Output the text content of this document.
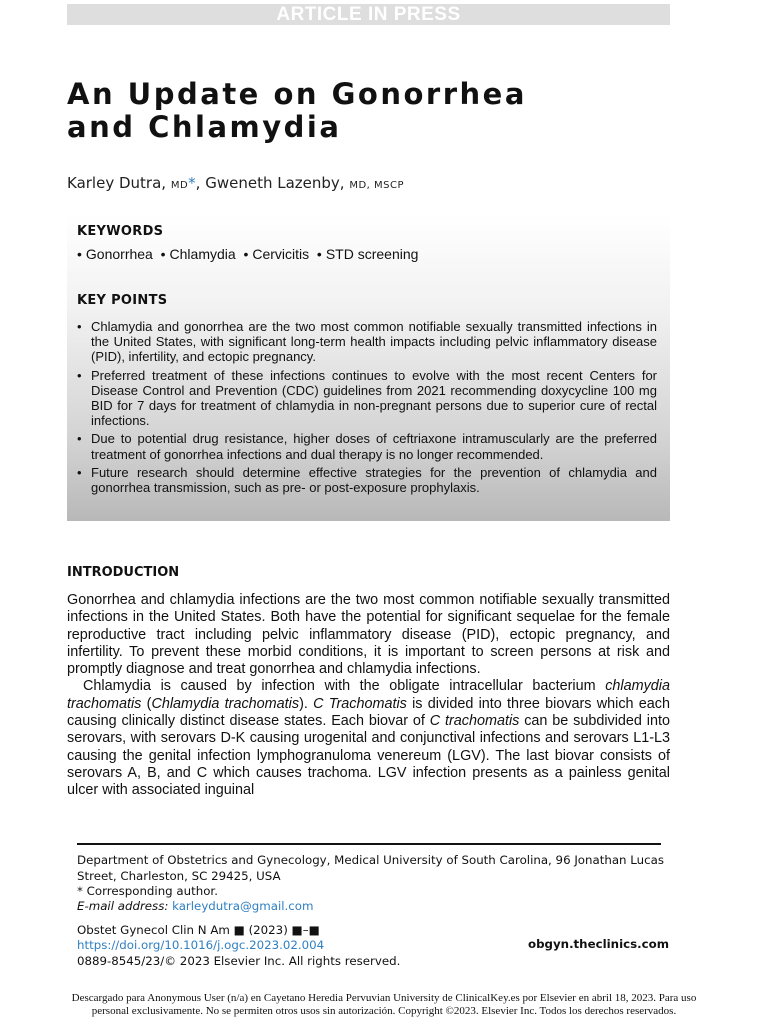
ARTICLE IN PRESS
An Update on Gonorrhea
and Chlamydia
Karley Dutra, MD*, Gweneth Lazenby, MD, MSCP
KEYWORDS
• Gonorrhea  • Chlamydia  • Cervicitis  • STD screening
KEY POINTS
• Chlamydia and gonorrhea are the two most common notifiable sexually transmitted infections in the United States, with significant long-term health impacts including pelvic inflammatory disease (PID), infertility, and ectopic pregnancy.
• Preferred treatment of these infections continues to evolve with the most recent Centers for Disease Control and Prevention (CDC) guidelines from 2021 recommending doxycycline 100 mg BID for 7 days for treatment of chlamydia in non-pregnant persons due to superior cure of rectal infections.
• Due to potential drug resistance, higher doses of ceftriaxone intramuscularly are the preferred treatment of gonorrhea infections and dual therapy is no longer recommended.
• Future research should determine effective strategies for the prevention of chlamydia and gonorrhea transmission, such as pre- or post-exposure prophylaxis.
INTRODUCTION

Gonorrhea and chlamydia infections are the two most common notifiable sexually transmitted infections in the United States. Both have the potential for significant sequelae for the female reproductive tract including pelvic inflammatory disease (PID), ectopic pregnancy, and infertility. To prevent these morbid conditions, it is important to screen persons at risk and promptly diagnose and treat gonorrhea and chlamydia infections.

Chlamydia is caused by infection with the obligate intracellular bacterium chlamydia trachomatis (Chlamydia trachomatis). C Trachomatis is divided into three biovars which each causing clinically distinct disease states. Each biovar of C trachomatis can be subdivided into serovars, with serovars D-K causing urogenital and conjunctival infections and serovars L1-L3 causing the genital infection lymphogranuloma venereum (LGV). The last biovar consists of serovars A, B, and C which causes trachoma. LGV infection presents as a painless genital ulcer with associated inguinal

Department of Obstetrics and Gynecology, Medical University of South Carolina, 96 Jonathan Lucas Street, Charleston, SC 29425, USA
* Corresponding author.
E-mail address: karleydutra@gmail.com
Obstet Gynecol Clin N Am ■ (2023) ■–■
https://doi.org/10.1016/j.ogc.2023.02.004	obgyn.theclinics.com
0889-8545/23/© 2023 Elsevier Inc. All rights reserved.
Descargado para Anonymous User (n/a) en Cayetano Heredia Pervuvian University de ClinicalKey.es por Elsevier en abril 18, 2023. Para uso
personal exclusivamente. No se permiten otros usos sin autorización. Copyright ©2023. Elsevier Inc. Todos los derechos reservados.
